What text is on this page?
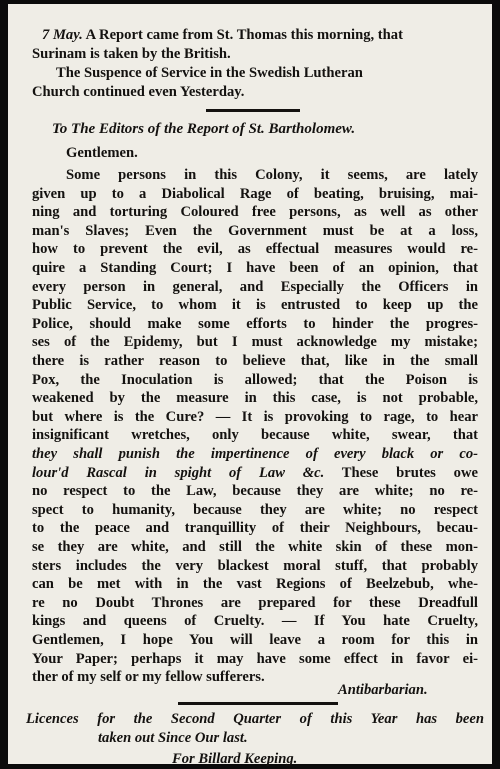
7 May. A Report came from St. Thomas this morning, that
Surinam is taken by the British.
The Suspence of Service in the Swedish Lutheran
Church continued even Yesterday.
To The Editors of the Report of St. Bartholomew.
Gentlemen.
Some persons in this Colony, it seems, are lately
given up to a Diabolical Rage of beating, bruising, mai-
ning and torturing Coloured free persons, as well as other
man's Slaves; Even the Government must be at a loss,
how to prevent the evil, as effectual measures would re-
quire a Standing Court; I have been of an opinion, that
every person in general, and Especially the Officers in
Public Service, to whom it is entrusted to keep up the
Police, should make some efforts to hinder the progres-
ses of the Epidemy, but I must acknowledge my mistake;
there is rather reason to believe that, like in the small
Pox, the Inoculation is allowed; that the Poison is
weakened by the measure in this case, is not probable,
but where is the Cure? — It is provoking to rage, to hear
insignificant wretches, only because white, swear, that
they shall punish the impertinence of every black or co-
lour'd Rascal in spight of Law &c. These brutes owe
no respect to the Law, because they are white; no re-
spect to humanity, because they are white; no respect
to the peace and tranquillity of their Neighbours, becau-
se they are white, and still the white skin of these mon-
sters includes the very blackest moral stuff, that probably
can be met with in the vast Regions of Beelzebub, whe-
re no Doubt Thrones are prepared for these Dreadfull
kings and queens of Cruelty. — If You hate Cruelty,
Gentlemen, I hope You will leave a room for this in
Your Paper; perhaps it may have some effect in favor ei-
ther of my self or my fellow sufferers.
Antibarbarian.
Licences for the Second Quarter of this Year has been
taken out Since Our last.
For Billard Keeping.
